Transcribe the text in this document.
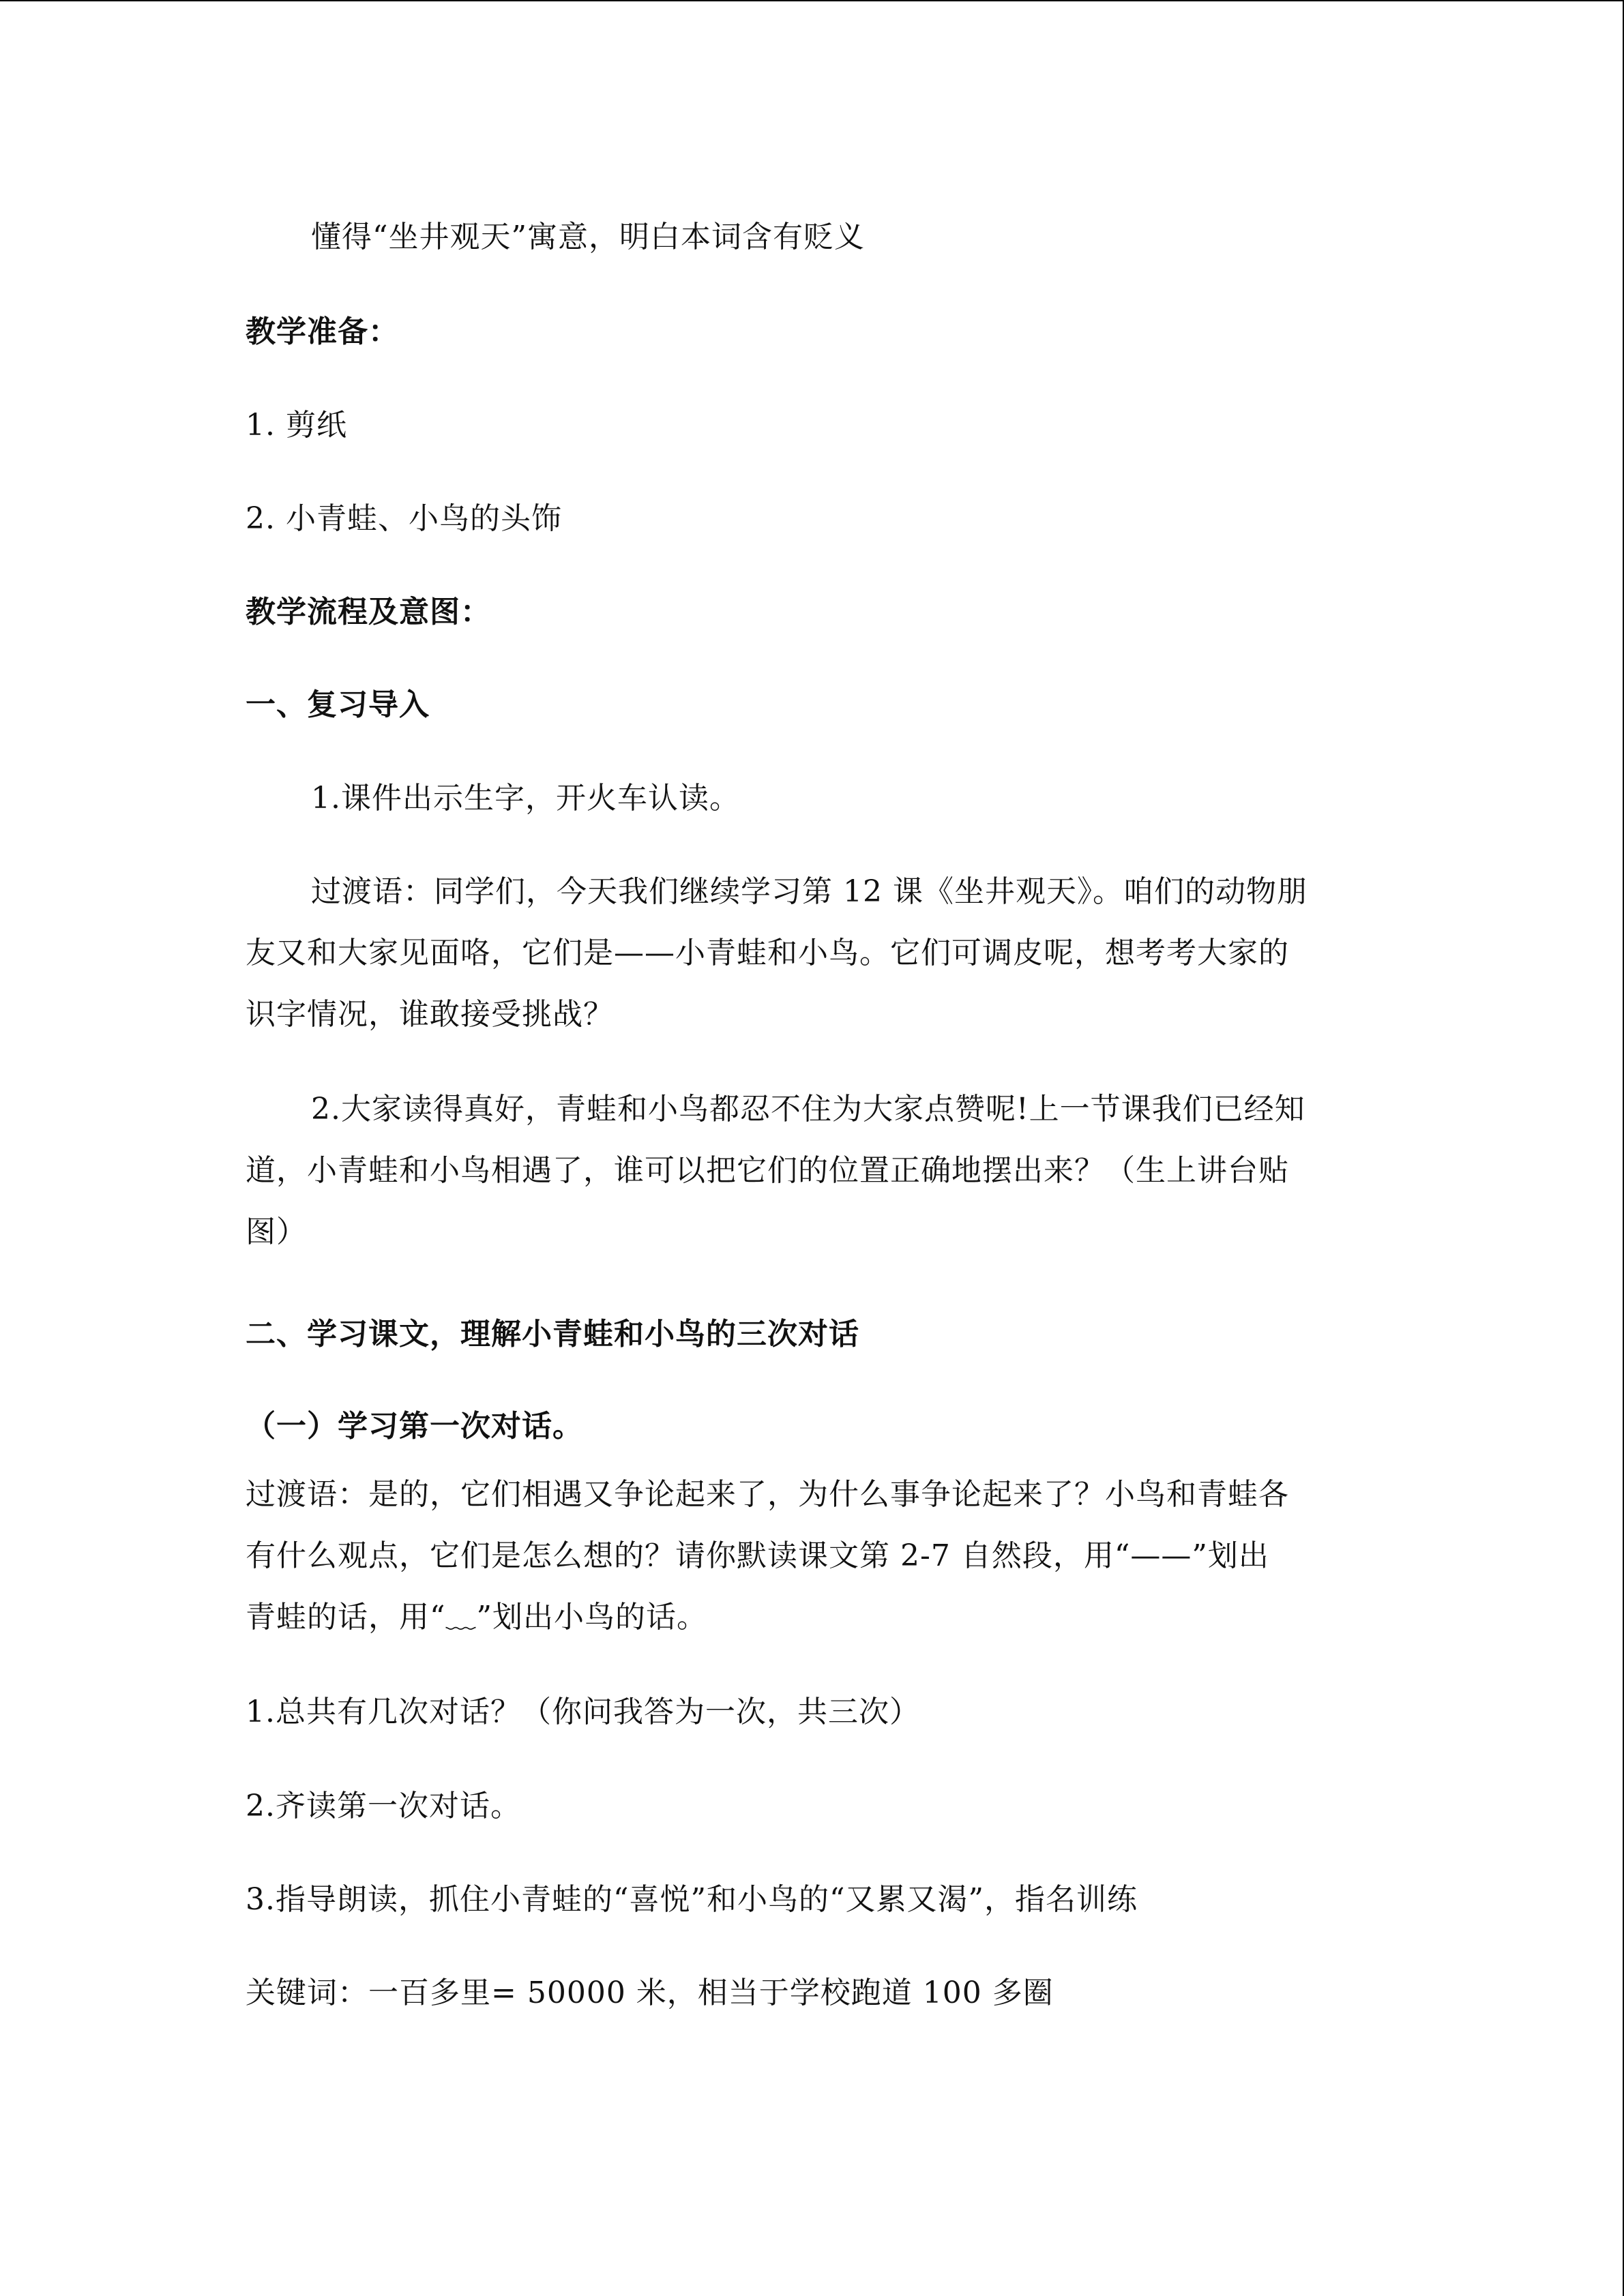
懂得“坐井观天”寓意，明白本词含有贬义
教学准备：
1. 剪纸
2. 小青蛙、小鸟的头饰
教学流程及意图：
一、复习导入
1.课件出示生字，开火车认读。
过渡语：同学们，今天我们继续学习第 12 课《坐井观天》。咱们的动物朋
友又和大家见面咯，它们是——小青蛙和小鸟。它们可调皮呢，想考考大家的
识字情况，谁敢接受挑战？
2.大家读得真好，青蛙和小鸟都忍不住为大家点赞呢!上一节课我们已经知
道，小青蛙和小鸟相遇了，谁可以把它们的位置正确地摆出来？（生上讲台贴
图）
二、学习课文，理解小青蛙和小鸟的三次对话
（一）学习第一次对话。
过渡语：是的，它们相遇又争论起来了，为什么事争论起来了？小鸟和青蛙各
有什么观点，它们是怎么想的？请你默读课文第 2-7 自然段，用“——”划出
青蛙的话，用“﹏”划出小鸟的话。
1.总共有几次对话？（你问我答为一次，共三次）
2.齐读第一次对话。
3.指导朗读，抓住小青蛙的“喜悦”和小鸟的“又累又渴”，指名训练
关键词：一百多里= 50000 米，相当于学校跑道 100 多圈
